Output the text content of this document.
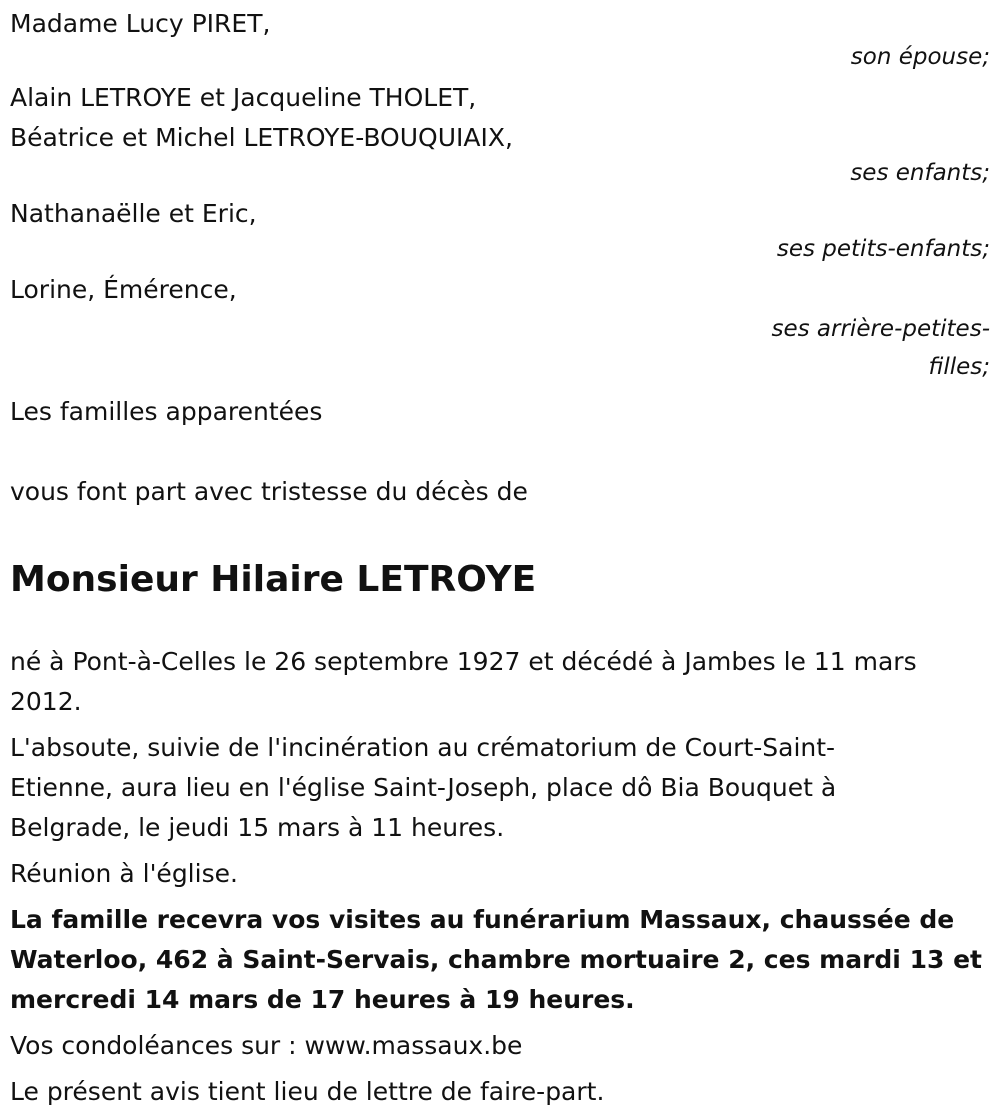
Madame Lucy PIRET,
son épouse;
Alain LETROYE et Jacqueline THOLET,
Béatrice et Michel LETROYE-BOUQUIAIX,
ses enfants;
Nathanaëlle et Eric,
ses petits-enfants;
Lorine, Émérence,
ses arrière-petites-
filles;
Les familles apparentées
vous font part avec tristesse du décès de
Monsieur Hilaire LETROYE
né à Pont-à-Celles le 26 septembre 1927 et décédé à Jambes le 11 mars
2012.
L'absoute, suivie de l'incinération au crématorium de Court-Saint-
Etienne, aura lieu en l'église Saint-Joseph, place dô Bia Bouquet à
Belgrade, le jeudi 15 mars à 11 heures.
Réunion à l'église.
La famille recevra vos visites au funérarium Massaux, chaussée de
Waterloo, 462 à Saint-Servais, chambre mortuaire 2, ces mardi 13 et
mercredi 14 mars de 17 heures à 19 heures.
Vos condoléances sur : www.massaux.be
Le présent avis tient lieu de lettre de faire-part.
